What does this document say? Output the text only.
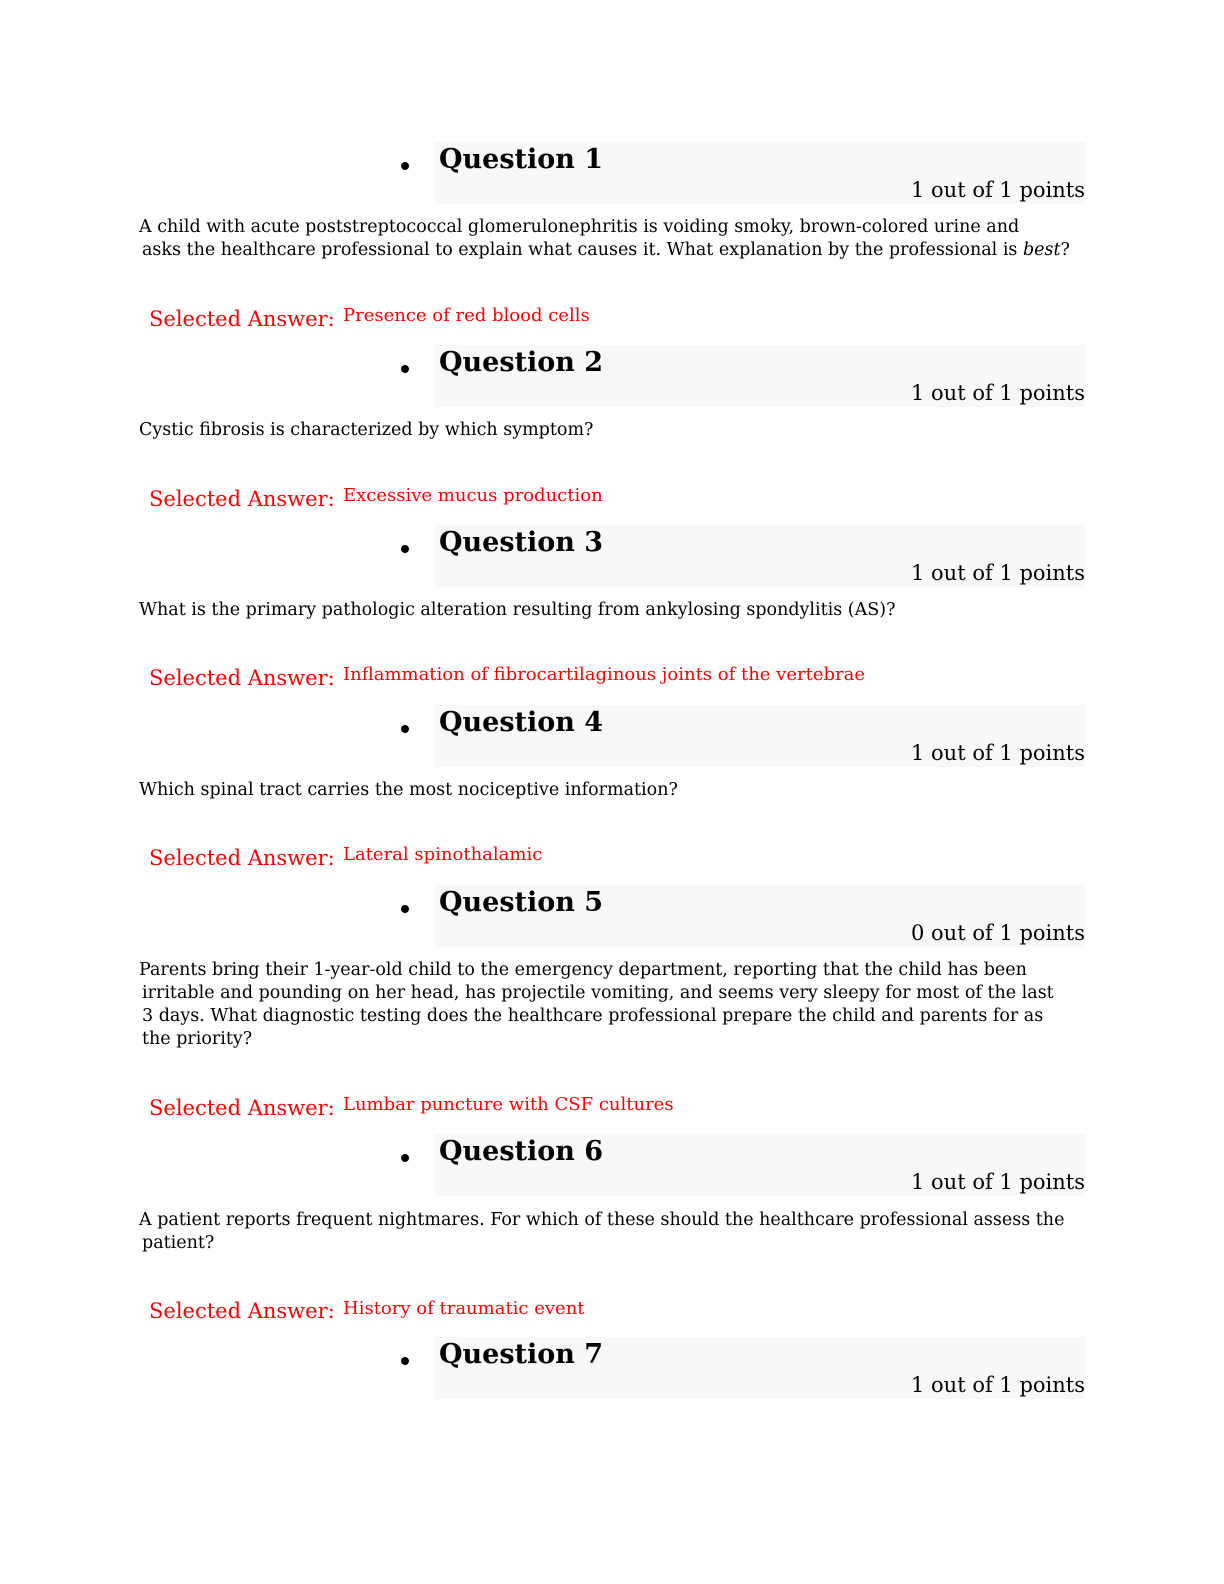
Question 1
1 out of 1 points
A child with acute poststreptococcal glomerulonephritis is voiding smoky, brown-colored urine and
asks the healthcare professional to explain what causes it. What explanation by the professional is best?
Selected Answer: Presence of red blood cells
Question 2
1 out of 1 points
Cystic fibrosis is characterized by which symptom?
Selected Answer: Excessive mucus production
Question 3
1 out of 1 points
What is the primary pathologic alteration resulting from ankylosing spondylitis (AS)?
Selected Answer: Inflammation of fibrocartilaginous joints of the vertebrae
Question 4
1 out of 1 points
Which spinal tract carries the most nociceptive information?
Selected Answer: Lateral spinothalamic
Question 5
0 out of 1 points
Parents bring their 1-year-old child to the emergency department, reporting that the child has been
irritable and pounding on her head, has projectile vomiting, and seems very sleepy for most of the last
3 days. What diagnostic testing does the healthcare professional prepare the child and parents for as
the priority?
Selected Answer: Lumbar puncture with CSF cultures
Question 6
1 out of 1 points
A patient reports frequent nightmares. For which of these should the healthcare professional assess the
patient?
Selected Answer: History of traumatic event
Question 7
1 out of 1 points
